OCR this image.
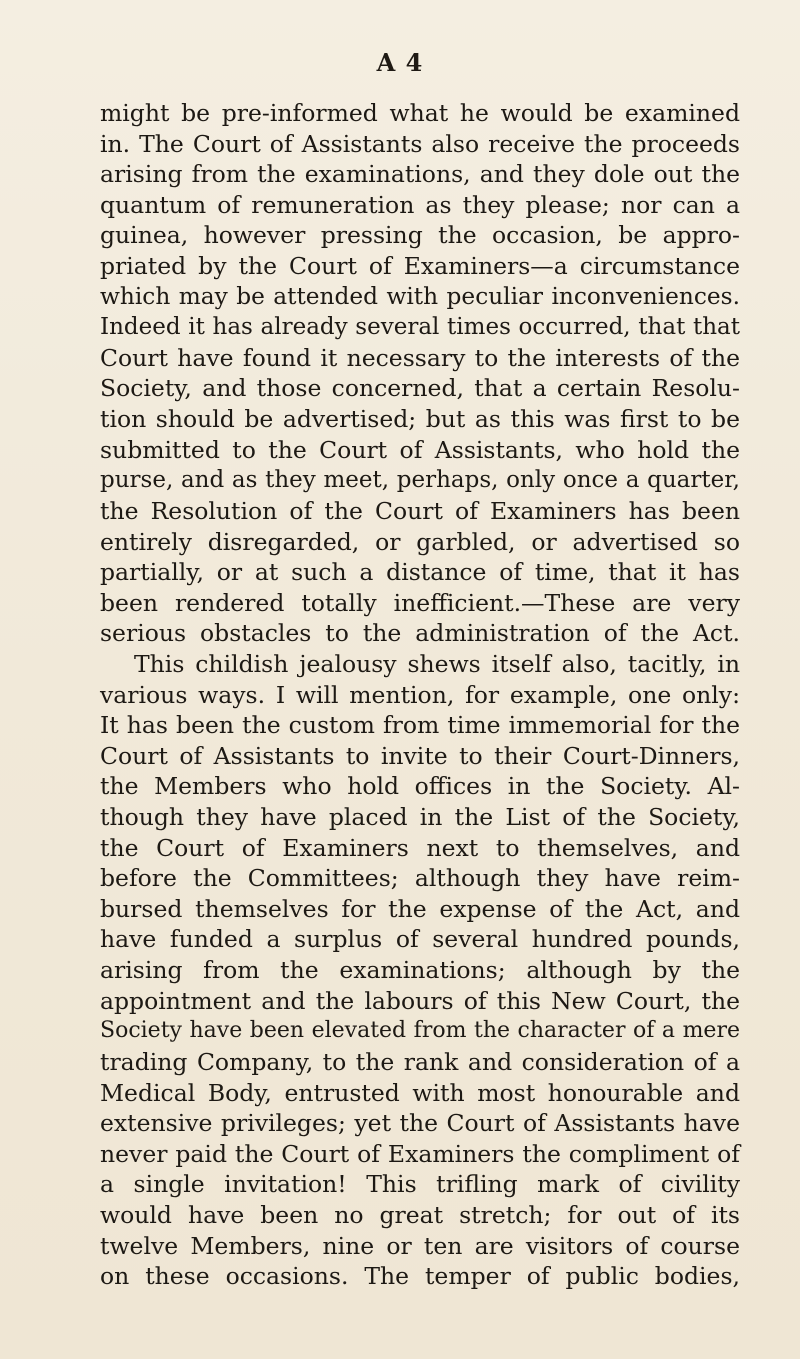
A 4
might be pre-informed what he would be examined
in. The Court of Assistants also receive the proceeds
arising from the examinations, and they dole out the
quantum of remuneration as they please; nor can a
guinea, however pressing the occasion, be appro-
priated by the Court of Examiners—a circumstance
which may be attended with peculiar inconveniences.
Indeed it has already several times occurred, that that
Court have found it necessary to the interests of the
Society, and those concerned, that a certain Resolu-
tion should be advertised; but as this was first to be
submitted to the Court of Assistants, who hold the
purse, and as they meet, perhaps, only once a quarter,
the Resolution of the Court of Examiners has been
entirely disregarded, or garbled, or advertised so
partially, or at such a distance of time, that it has
been rendered totally inefficient.—These are very
serious obstacles to the administration of the Act.
This childish jealousy shews itself also, tacitly, in
various ways. I will mention, for example, one only:
It has been the custom from time immemorial for the
Court of Assistants to invite to their Court-Dinners,
the Members who hold offices in the Society. Al-
though they have placed in the List of the Society,
the Court of Examiners next to themselves, and
before the Committees; although they have reim-
bursed themselves for the expense of the Act, and
have funded a surplus of several hundred pounds,
arising from the examinations; although by the
appointment and the labours of this New Court, the
Society have been elevated from the character of a mere
trading Company, to the rank and consideration of a
Medical Body, entrusted with most honourable and
extensive privileges; yet the Court of Assistants have
never paid the Court of Examiners the compliment of
a single invitation! This trifling mark of civility
would have been no great stretch; for out of its
twelve Members, nine or ten are visitors of course
on these occasions. The temper of public bodies,
